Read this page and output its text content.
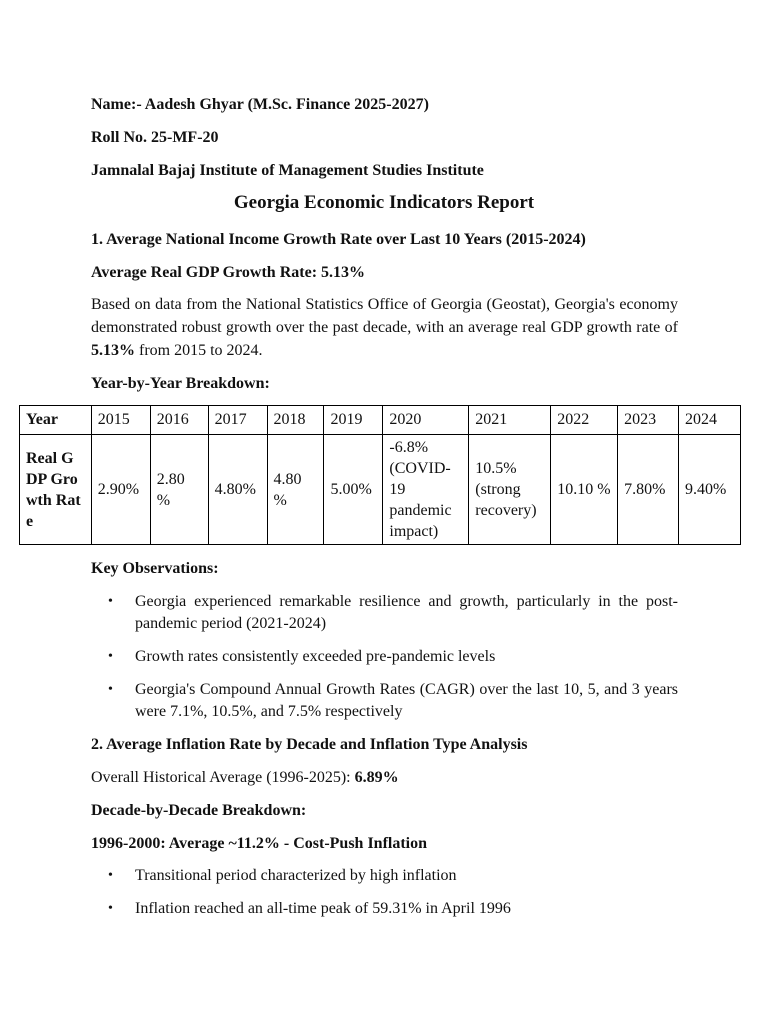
Name:- Aadesh Ghyar (M.Sc. Finance 2025-2027)
Roll No. 25-MF-20
Jamnalal Bajaj Institute of Management Studies Institute
Georgia Economic Indicators Report
1. Average National Income Growth Rate over Last 10 Years (2015-2024)
Average Real GDP Growth Rate: 5.13%
Based on data from the National Statistics Office of Georgia (Geostat), Georgia's economy demonstrated robust growth over the past decade, with an average real GDP growth rate of 5.13% from 2015 to 2024.
Year-by-Year Breakdown:
Year	2015	2016	2017	2018	2019	2020	2021	2022	2023	2024
Real GDP Growth Rate	2.90%	2.80 %	4.80%	4.80 %	5.00%	-6.8% (COVID-19 pandemic impact)	10.5% (strong recovery)	10.10 %	7.80%	9.40%
Key Observations:
• Georgia experienced remarkable resilience and growth, particularly in the post-pandemic period (2021-2024)
• Growth rates consistently exceeded pre-pandemic levels
• Georgia's Compound Annual Growth Rates (CAGR) over the last 10, 5, and 3 years were 7.1%, 10.5%, and 7.5% respectively
2. Average Inflation Rate by Decade and Inflation Type Analysis
Overall Historical Average (1996-2025): 6.89%
Decade-by-Decade Breakdown:
1996-2000: Average ~11.2% - Cost-Push Inflation
• Transitional period characterized by high inflation
• Inflation reached an all-time peak of 59.31% in April 1996
